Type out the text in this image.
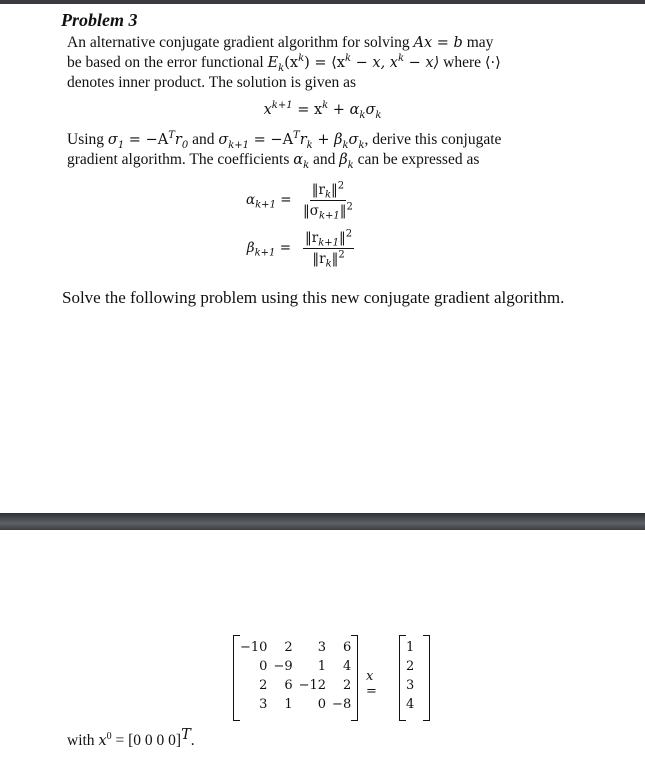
Problem 3
An alternative conjugate gradient algorithm for solving Ax = b may
be based on the error functional $E_k(x^k)$ = $⟨x^k - x$, $x^k$ − x⟩ where ⟨·⟩
denotes inner product. The solution is given as
$x^{k+1} = x^k + \alpha_k\sigma_k$
Using $\sigma_1 = -A^Tr_0$ and $\sigma_{k+1} = -A^Tr_k + \beta_k\sigma_k$, derive this conjugate
gradient algorithm. The coefficients $\alpha_k$ and $\beta_k$ can be expressed as
$\alpha_{k+1} = \frac{‖r_k‖^2}{‖\sigma_{k+1}‖^2}$
$\beta_{k+1} = \frac{‖r_{k+1}‖^2}{‖r_k‖^2}$
Solve the following problem using this new conjugate gradient algorithm.
−10	2	3	6
0	−9	1	4
2	6	−12	2
3	1	0	−8
x =
1
2
3
4
with $x^0 = [0$ 0 0 0]$^T$.
